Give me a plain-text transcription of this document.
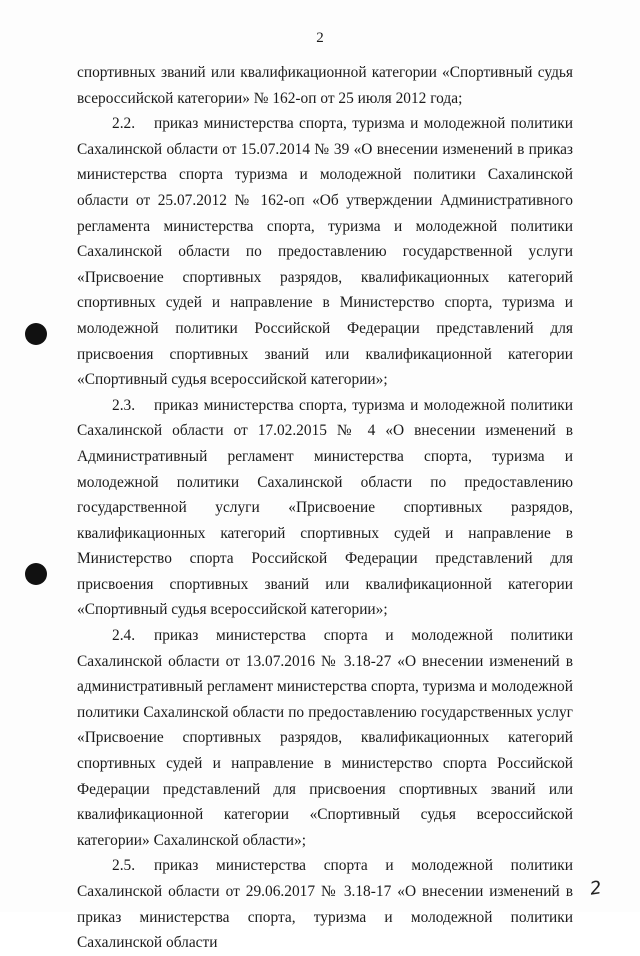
2

спортивных званий или квалификационной категории «Спортивный судья всероссийской категории» № 162-оп от 25 июля 2012 года;

2.2. приказ министерства спорта, туризма и молодежной политики Сахалинской области от 15.07.2014 № 39 «О внесении изменений в приказ министерства спорта туризма и молодежной политики Сахалинской области от 25.07.2012 № 162-оп «Об утверждении Административного регламента министерства спорта, туризма и молодежной политики Сахалинской области по предоставлению государственной услуги «Присвоение спортивных разрядов, квалификационных категорий спортивных судей и направление в Министерство спорта, туризма и молодежной политики Российской Федерации представлений для присвоения спортивных званий или квалификационной категории «Спортивный судья всероссийской категории»;

2.3. приказ министерства спорта, туризма и молодежной политики Сахалинской области от 17.02.2015 № 4 «О внесении изменений в Административный регламент министерства спорта, туризма и молодежной политики Сахалинской области по предоставлению государственной услуги «Присвоение спортивных разрядов, квалификационных категорий спортивных судей и направление в Министерство спорта Российской Федерации представлений для присвоения спортивных званий или квалификационной категории «Спортивный судья всероссийской категории»;

2.4. приказ министерства спорта и молодежной политики Сахалинской области от 13.07.2016 № 3.18-27 «О внесении изменений в административный регламент министерства спорта, туризма и молодежной политики Сахалинской области по предоставлению государственных услуг «Присвоение спортивных разрядов, квалификационных категорий спортивных судей и направление в министерство спорта Российской Федерации представлений для присвоения спортивных званий или квалификационной категории «Спортивный судья всероссийской категории» Сахалинской области»;

2.5. приказ министерства спорта и молодежной политики Сахалинской области от 29.06.2017 № 3.18-17 «О внесении изменений в приказ министерства спорта, туризма и молодежной политики Сахалинской области

2
